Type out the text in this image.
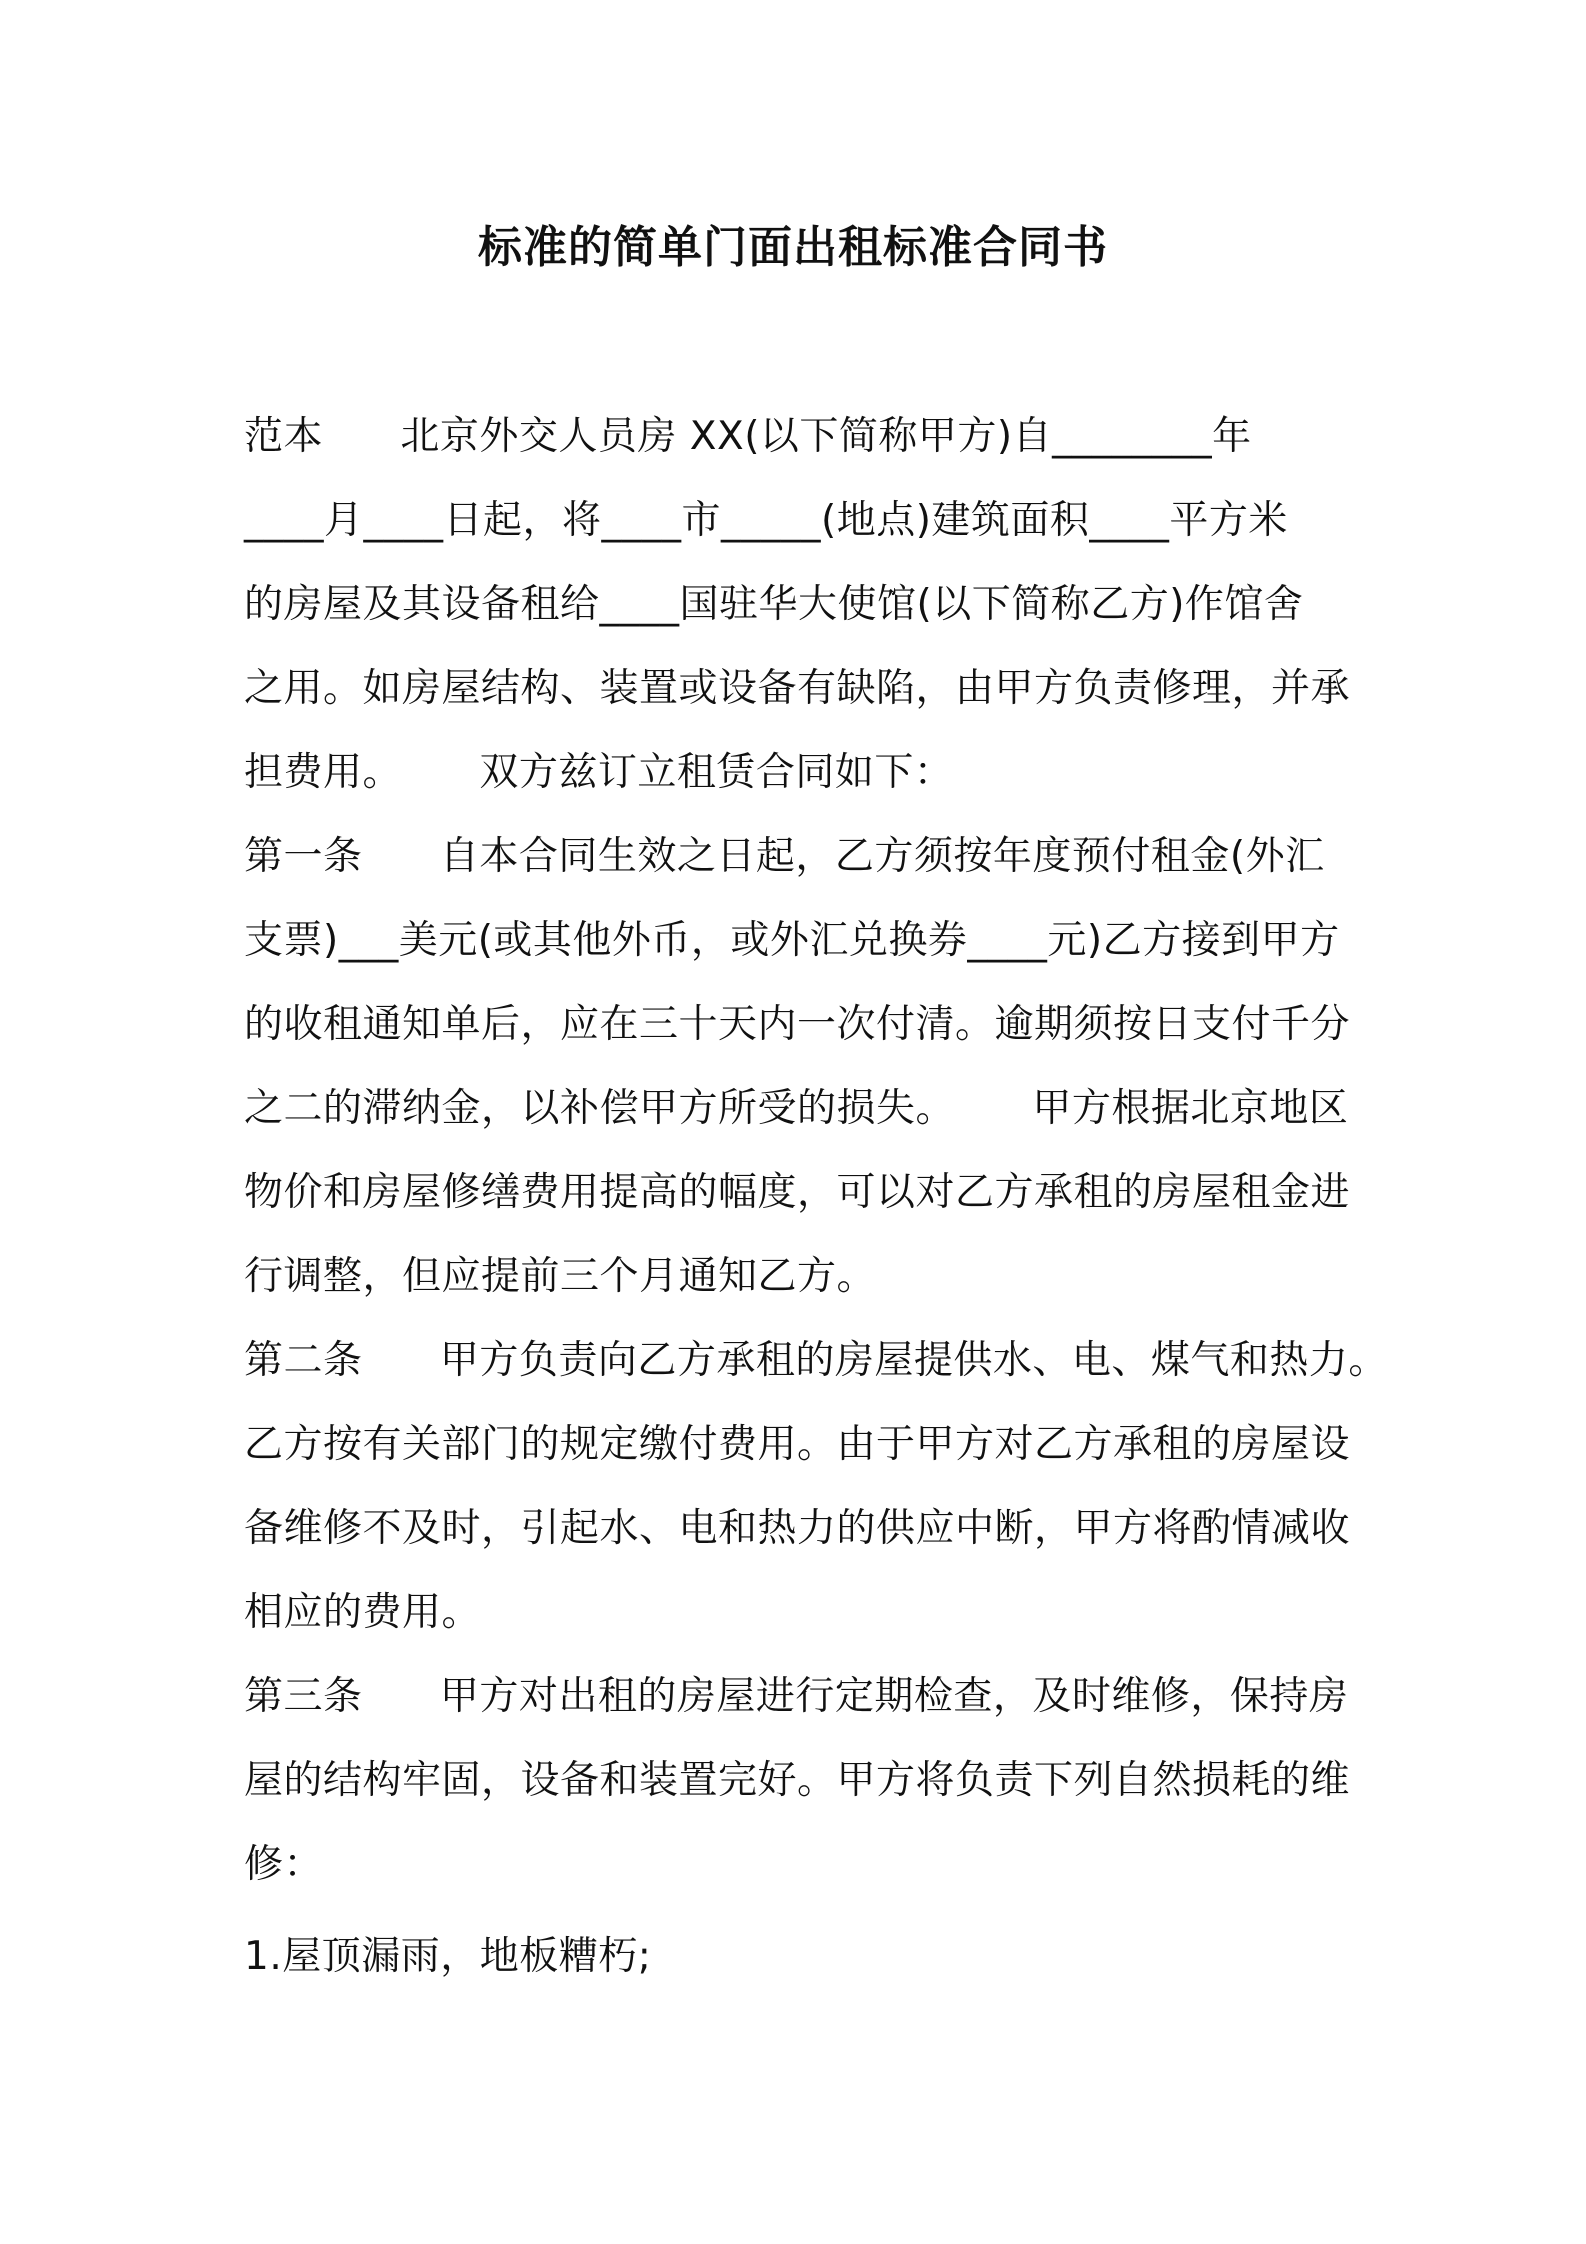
标准的简单门面出租标准合同书
范本      北京外交人员房 XX(以下简称甲方)自________年
____月____日起，将____市_____(地点)建筑面积____平方米
的房屋及其设备租给____国驻华大使馆(以下简称乙方)作馆舍
之用。如房屋结构、装置或设备有缺陷，由甲方负责修理，并承
担费用。      双方兹订立租赁合同如下：
第一条      自本合同生效之日起，乙方须按年度预付租金(外汇
支票)___美元(或其他外币，或外汇兑换券____元)乙方接到甲方
的收租通知单后，应在三十天内一次付清。逾期须按日支付千分
之二的滞纳金，以补偿甲方所受的损失。      甲方根据北京地区
物价和房屋修缮费用提高的幅度，可以对乙方承租的房屋租金进
行调整，但应提前三个月通知乙方。
第二条      甲方负责向乙方承租的房屋提供水、电、煤气和热力。
乙方按有关部门的规定缴付费用。由于甲方对乙方承租的房屋设
备维修不及时，引起水、电和热力的供应中断，甲方将酌情减收
相应的费用。
第三条      甲方对出租的房屋进行定期检查，及时维修，保持房
屋的结构牢固，设备和装置完好。甲方将负责下列自然损耗的维
修：
1.屋顶漏雨，地板糟朽;
